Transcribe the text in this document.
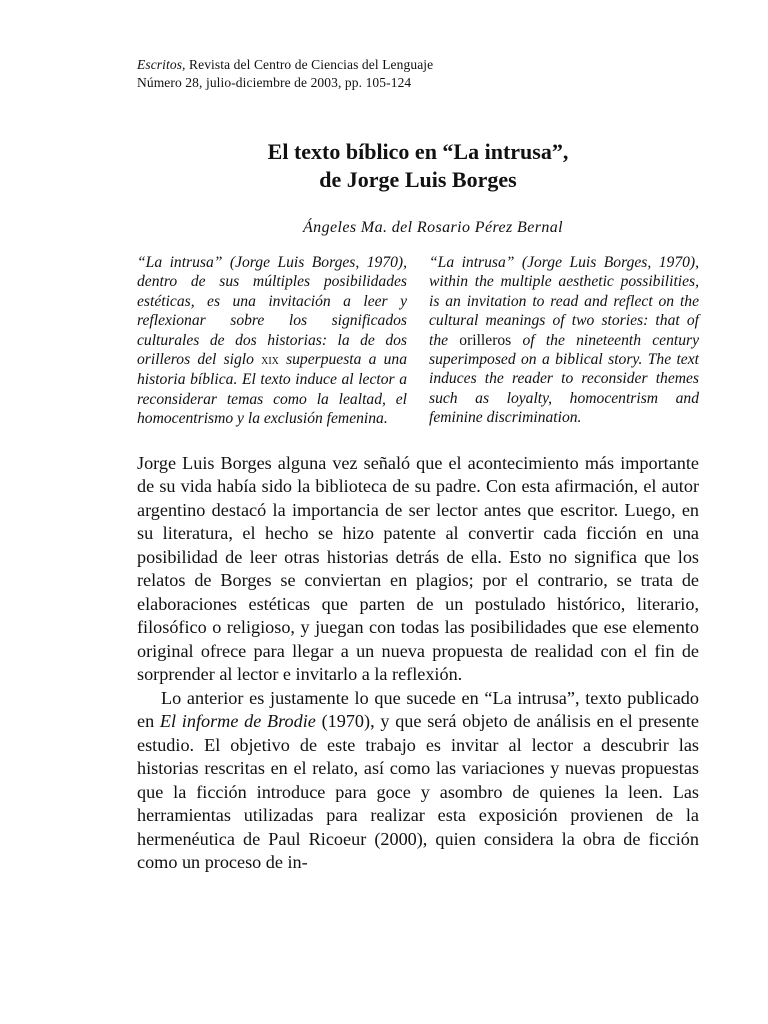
Escritos, Revista del Centro de Ciencias del Lenguaje
Número 28, julio-diciembre de 2003, pp. 105-124
El texto bíblico en “La intrusa”,
de Jorge Luis Borges
Ángeles Ma. del Rosario Pérez Bernal
“La intrusa” (Jorge Luis Borges, 1970), dentro de sus múltiples posibilidades estéticas, es una invitación a leer y reflexionar sobre los significados culturales de dos historias: la de dos orilleros del siglo xix superpuesta a una historia bíblica. El texto induce al lector a reconsiderar temas como la lealtad, el homocentrismo y la exclusión femenina.
“La intrusa” (Jorge Luis Borges, 1970), within the multiple aesthetic possibilities, is an invitation to read and reflect on the cultural meanings of two stories: that of the orilleros of the nineteenth century superimposed on a biblical story. The text induces the reader to reconsider themes such as loyalty, homocentrism and feminine discrimination.

Jorge Luis Borges alguna vez señaló que el acontecimiento más importante de su vida había sido la biblioteca de su padre. Con esta afirmación, el autor argentino destacó la importancia de ser lector antes que escritor. Luego, en su literatura, el hecho se hizo patente al convertir cada ficción en una posibilidad de leer otras historias detrás de ella. Esto no significa que los relatos de Borges se conviertan en plagios; por el contrario, se trata de elaboraciones estéticas que parten de un postulado histórico, literario, filosófico o religioso, y juegan con todas las posibilidades que ese elemento original ofrece para llegar a un nueva propuesta de realidad con el fin de sorprender al lector e invitarlo a la reflexión.

Lo anterior es justamente lo que sucede en “La intrusa”, texto publicado en El informe de Brodie (1970), y que será objeto de análisis en el presente estudio. El objetivo de este trabajo es invitar al lector a descubrir las historias rescritas en el relato, así como las variaciones y nuevas propuestas que la ficción introduce para goce y asombro de quienes la leen. Las herramientas utilizadas para realizar esta exposición provienen de la hermenéutica de Paul Ricoeur (2000), quien considera la obra de ficción como un proceso de in-
